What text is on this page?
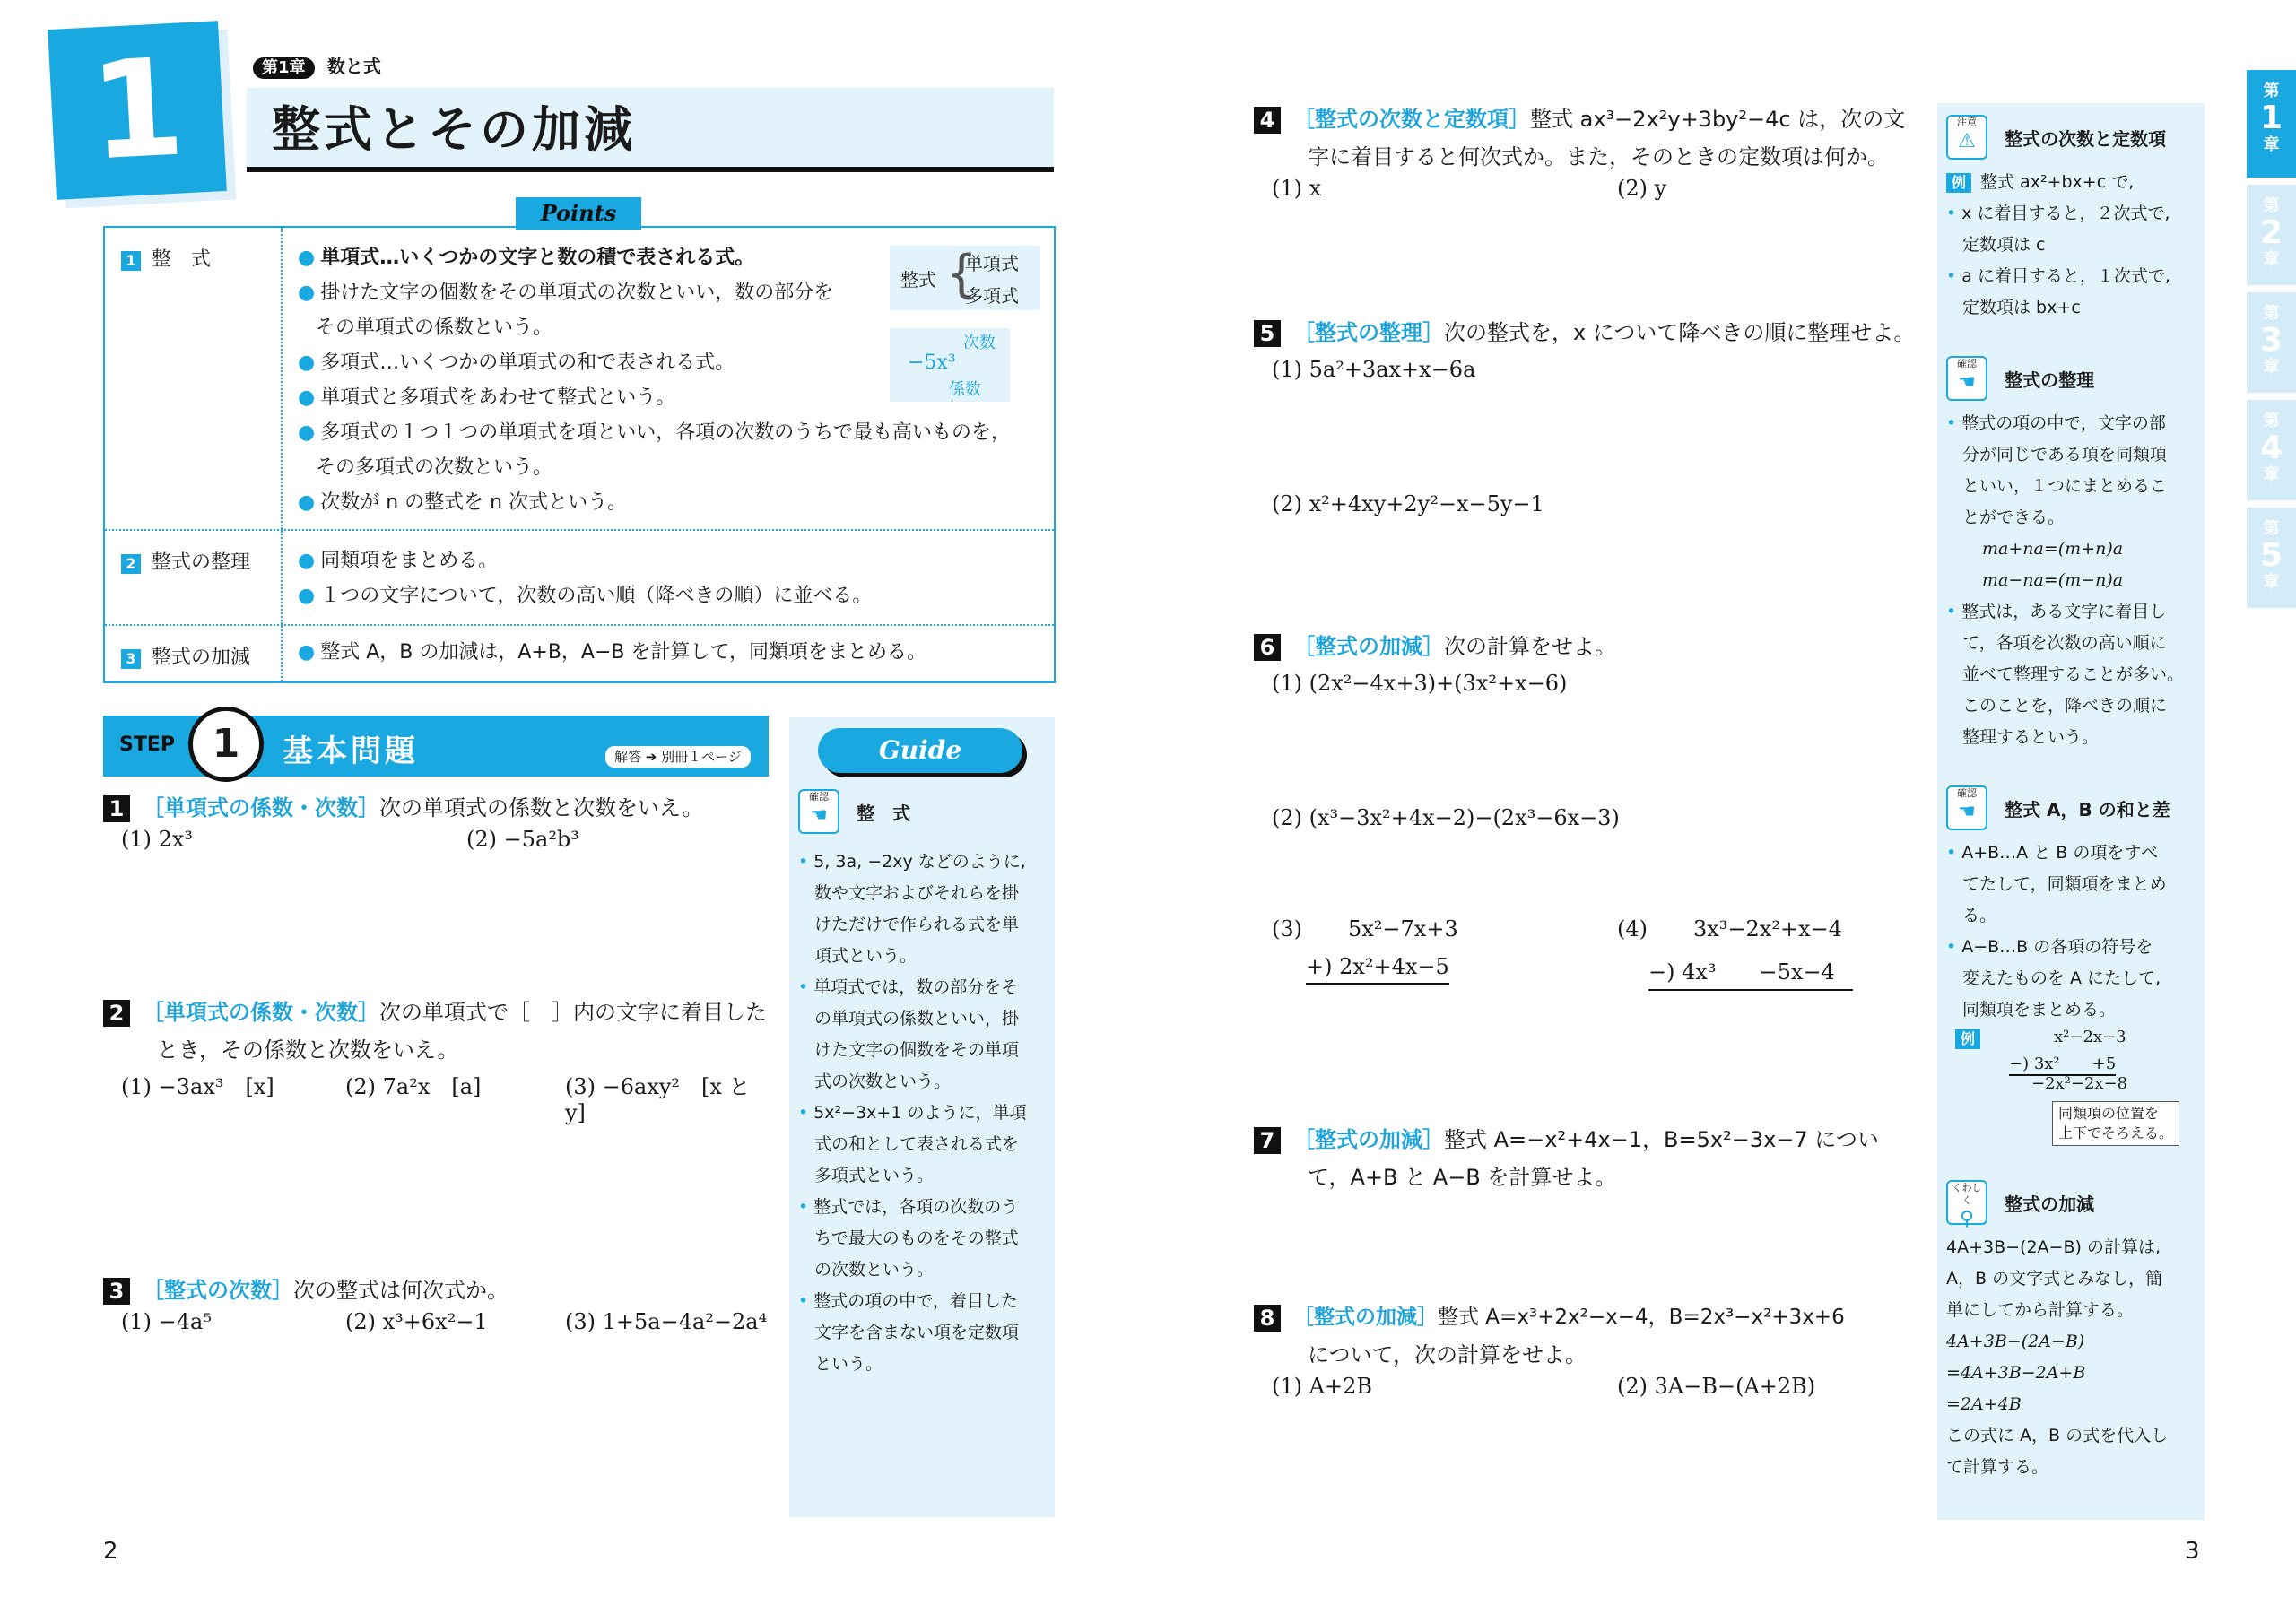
1	第1章 数と式
整式とその加減
Points
1 整　式	● 単項式…いくつかの文字と数の積で表される式。
● 掛けた文字の個数をその単項式の次数といい，数の部分を
その単項式の係数という。
● 多項式…いくつかの単項式の和で表される式。
● 単項式と多項式をあわせて整式という。
● 多項式の１つ１つの単項式を項といい，各項の次数のうちで最も高いものを，
その多項式の次数という。
● 次数が n の整式を n 次式という。
整式 {
単項式
多項式
−5x³
次数
係数
2 整式の整理	● 同類項をまとめる。
● １つの文字について，次数の高い順（降べきの順）に並べる。
3 整式の加減	● 整式 A，B の加減は，A+B，A−B を計算して，同類項をまとめる。
STEP	基本問題	解答 ➔ 別冊１ページ
1
1 ［単項式の係数・次数］次の単項式の係数と次数をいえ。
(1) 2x³	(2) −5a²b³
2 ［単項式の係数・次数］次の単項式で［　］内の文字に着目した
とき，その係数と次数をいえ。
(1) −3ax³　[x]	(2) 7a²x　[a]	(3) −6axy²　[x と y]
3 ［整式の次数］次の整式は何次式か。
(1) −4a⁵	(2) x³+6x²−1	(3) 1+5a−4a²−2a⁴
Guide
確認
☚	整　式
• 5, 3a, −2xy などのように,
数や文字およびそれらを掛
けただけで作られる式を単
項式という。
• 単項式では，数の部分をそ
の単項式の係数といい，掛
けた文字の個数をその単項
式の次数という。
• 5x²−3x+1 のように，単項
式の和として表される式を
多項式という。
• 整式では，各項の次数のう
ちで最大のものをその整式
の次数という。
• 整式の項の中で，着目した
文字を含まない項を定数項
という。
2
4 ［整式の次数と定数項］整式 ax³−2x²y+3by²−4c は，次の文
字に着目すると何次式か。また，そのときの定数項は何か。
(1) x	(2) y
5 ［整式の整理］次の整式を，x について降べきの順に整理せよ。
(1) 5a²+3ax+x−6a
(2) x²+4xy+2y²−x−5y−1
6 ［整式の加減］次の計算をせよ。
(1) (2x²−4x+3)+(3x²+x−6)
(2) (x³−3x²+4x−2)−(2x³−6x−3)
(3) 5x²−7x+3
+) 2x²+4x−5
(4) 3x³−2x²+x−4
−) 4x³　　−5x−4
7 ［整式の加減］整式 A=−x²+4x−1，B=5x²−3x−7 につい
て，A+B と A−B を計算せよ。
8 ［整式の加減］整式 A=x³+2x²−x−4，B=2x³−x²+3x+6
について，次の計算をせよ。
(1) A+2B	(2) 3A−B−(A+2B)
注意
⚠	整式の次数と定数項
例 整式 ax²+bx+c で,
• x に着目すると，２次式で,
定数項は c
• a に着目すると，１次式で,
定数項は bx+c
確認
☚	整式の整理
• 整式の項の中で，文字の部
分が同じである項を同類項
といい，１つにまとめるこ
とができる。
ma+na=(m+n)a
ma−na=(m−n)a
• 整式は，ある文字に着目し
て，各項を次数の高い順に
並べて整理することが多い。
このことを，降べきの順に
整理するという。
確認
☚	整式 A，B の和と差
• A+B…A と B の項をすべ
てたして，同類項をまとめ
る。
• A−B…B の各項の符号を
変えたものを A にたして,
同類項をまとめる。
例	x²−2x−3
−) 3x²　　+5
−2x²−2x−8
同類項の位置を
上下でそろえる。
くわしく
⚲
整式の加減
4A+3B−(2A−B) の計算は,
A，B の文字式とみなし，簡
単にしてから計算する。
4A+3B−(2A−B)
=4A+3B−2A+B
=2A+4B
この式に A，B の式を代入し
て計算する。
第
1
章
第
2
章
第
3
章
第
4
章
第
5
章
3
